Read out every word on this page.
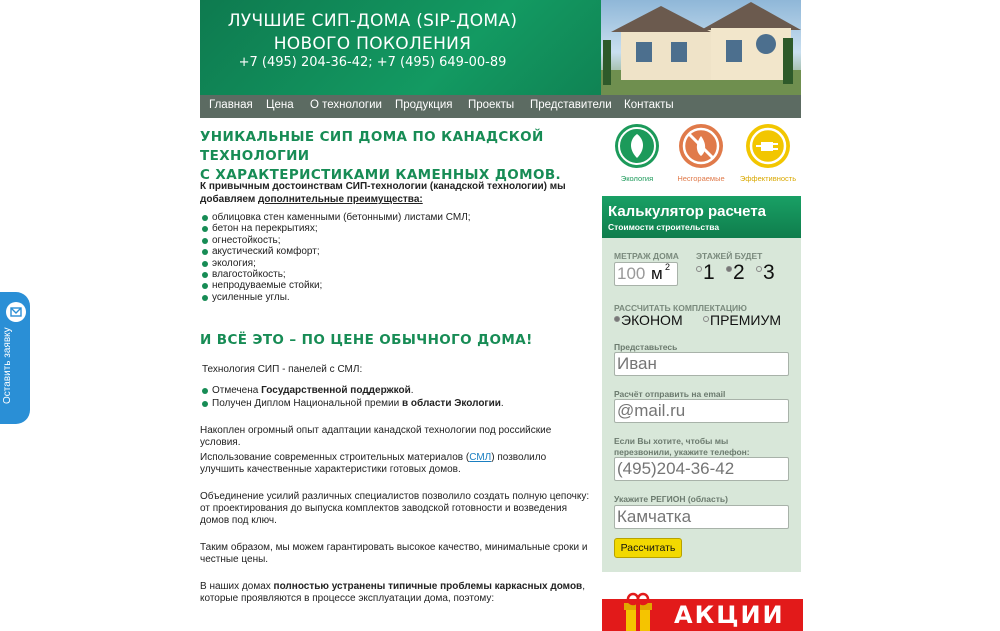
Оставить заявку
ЛУЧШИЕ СИП-ДОМА (SIP-ДОМА)
НОВОГО ПОКОЛЕНИЯ
+7 (495) 204-36-42; +7 (495) 649-00-89
Главная Цена О технологии Продукция Проекты Представители Контакты
УНИКАЛЬНЫЕ СИП ДОМА ПО КАНАДСКОЙ ТЕХНОЛОГИИ
С ХАРАКТЕРИСТИКАМИ КАМЕННЫХ ДОМОВ.
К привычным достоинствам СИП-технологии (канадской технологии) мы добавляем дополнительные преимущества:
облицовка стен каменными (бетонными) листами СМЛ;
бетон на перекрытиях;
огнестойкость;
акустический комфорт;
экология;
влагостойкость;
непродуваемые стойки;
усиленные углы.
И ВСЁ ЭТО – ПО ЦЕНЕ ОБЫЧНОГО ДОМА!
Технология СИП - панелей с СМЛ:
Отмечена Государственной поддержкой.
Получен Диплом Национальной премии в области Экологии.
Накоплен огромный опыт адаптации канадской технологии под российские условия.
Использование современных строительных материалов (СМЛ) позволило улучшить качественные характеристики готовых домов.
Объединение усилий различных специалистов позволило создать полную цепочку: от проектирования до выпуска комплектов заводской готовности и возведения домов под ключ.
Таким образом, мы можем гарантировать высокое качество, минимальные сроки и честные цены.
В наших домах полностью устранены типичные проблемы каркасных домов, которые проявляются в процессе эксплуатации дома, поэтому:
Экология	Несгораемые	Эффективность
Калькулятор расчета
Стоимости строительства
МЕТРАЖ ДОМА
100 м 2
ЭТАЖЕЙ БУДЕТ
1 2 3
РАССЧИТАТЬ КОМПЛЕКТАЦИЮ
ЭКОНОМ	ПРЕМИУМ
Представьтесь
Иван
Расчёт отправить на email
@mail.ru
Если Вы хотите, чтобы мы перезвонили, укажите телефон:
(495)204-36-42
Укажите РЕГИОН (область)
Камчатка
Рассчитать
АКЦИИ
